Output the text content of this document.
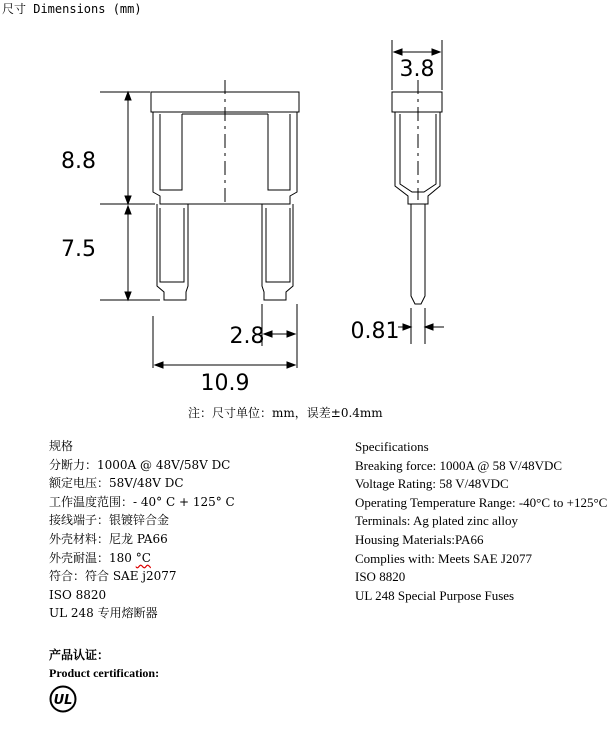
尺寸 Dimensions (mm)
8.8
7.5
3.8
2.8
10.9
0.81
注：尺寸单位：mm，误差±0.4mm
规格
分断力：1000A @ 48V/58V DC
额定电压：58V/48V DC
工作温度范围：- 40° C + 125° C
接线端子：银镀锌合金
外壳材料：尼龙 PA66
外壳耐温：180 °C
符合：符合 SAE j2077
ISO 8820
UL 248 专用熔断器
Specifications
Breaking force: 1000A @ 58 V/48VDC
Voltage Rating: 58 V/48VDC
Operating Temperature Range: -40°C to +125°C
Terminals: Ag plated zinc alloy
Housing Materials:PA66
Complies with: Meets SAE J2077
ISO 8820
UL 248 Special Purpose Fuses
产品认证：
Product certification:
UL
